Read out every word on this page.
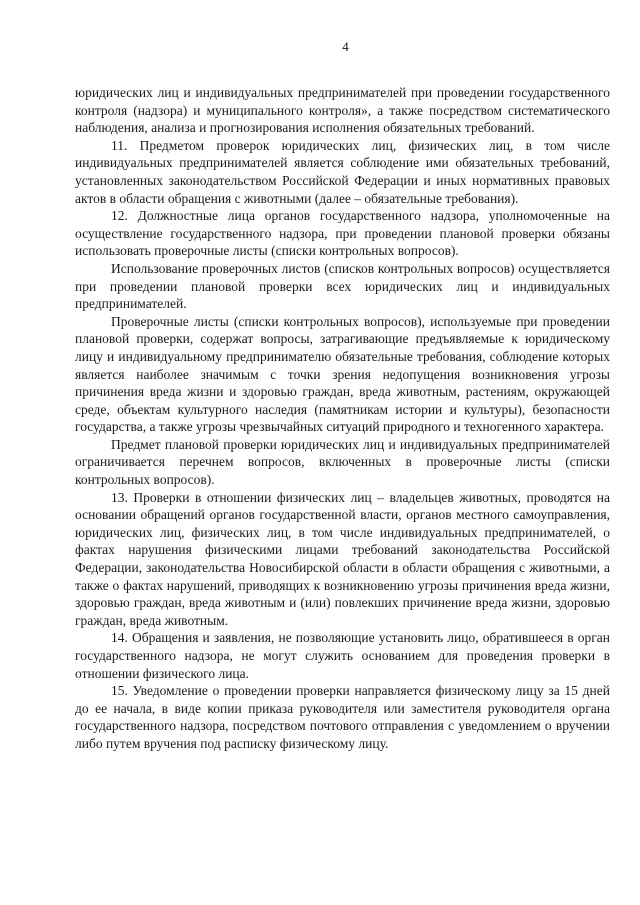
4

юридических лиц и индивидуальных предпринимателей при проведении государственного контроля (надзора) и муниципального контроля», а также посредством систематического наблюдения, анализа и прогнозирования исполнения обязательных требований.

11. Предметом проверок юридических лиц, физических лиц, в том числе индивидуальных предпринимателей является соблюдение ими обязательных требований, установленных законодательством Российской Федерации и иных нормативных правовых актов в области обращения с животными (далее – обязательные требования).

12. Должностные лица органов государственного надзора, уполномоченные на осуществление государственного надзора, при проведении плановой проверки обязаны использовать проверочные листы (списки контрольных вопросов).

Использование проверочных листов (списков контрольных вопросов) осуществляется при проведении плановой проверки всех юридических лиц и индивидуальных предпринимателей.

Проверочные листы (списки контрольных вопросов), используемые при проведении плановой проверки, содержат вопросы, затрагивающие предъявляемые к юридическому лицу и индивидуальному предпринимателю обязательные требования, соблюдение которых является наиболее значимым с точки зрения недопущения возникновения угрозы причинения вреда жизни и здоровью граждан, вреда животным, растениям, окружающей среде, объектам культурного наследия (памятникам истории и культуры), безопасности государства, а также угрозы чрезвычайных ситуаций природного и техногенного характера.

Предмет плановой проверки юридических лиц и индивидуальных предпринимателей ограничивается перечнем вопросов, включенных в проверочные листы (списки контрольных вопросов).

13. Проверки в отношении физических лиц – владельцев животных, проводятся на основании обращений органов государственной власти, органов местного самоуправления, юридических лиц, физических лиц, в том числе индивидуальных предпринимателей, о фактах нарушения физическими лицами требований законодательства Российской Федерации, законодательства Новосибирской области в области обращения с животными, а также о фактах нарушений, приводящих к возникновению угрозы причинения вреда жизни, здоровью граждан, вреда животным и (или) повлекших причинение вреда жизни, здоровью граждан, вреда животным.

14. Обращения и заявления, не позволяющие установить лицо, обратившееся в орган государственного надзора, не могут служить основанием для проведения проверки в отношении физического лица.

15. Уведомление о проведении проверки направляется физическому лицу за 15 дней до ее начала, в виде копии приказа руководителя или заместителя руководителя органа государственного надзора, посредством почтового отправления с уведомлением о вручении либо путем вручения под расписку физическому лицу.
